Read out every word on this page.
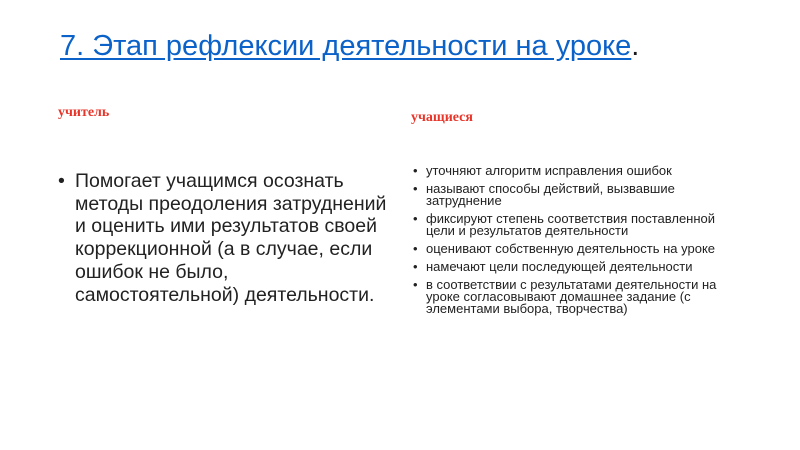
7. Этап рефлексии деятельности на уроке.
учитель	учащиеся
• Помогает учащимся осознать методы преодоления затруднений и оценить ими результатов своей коррекционной (а в случае, если ошибок не было, самостоятельной) деятельности.
• уточняют алгоритм исправления ошибок
• называют способы действий, вызвавшие затруднение
• фиксируют степень соответствия поставленной цели и результатов деятельности
• оценивают собственную деятельность на уроке
• намечают цели последующей деятельности
• в соответствии с результатами деятельности на уроке согласовывают домашнее задание (с элементами выбора, творчества)
